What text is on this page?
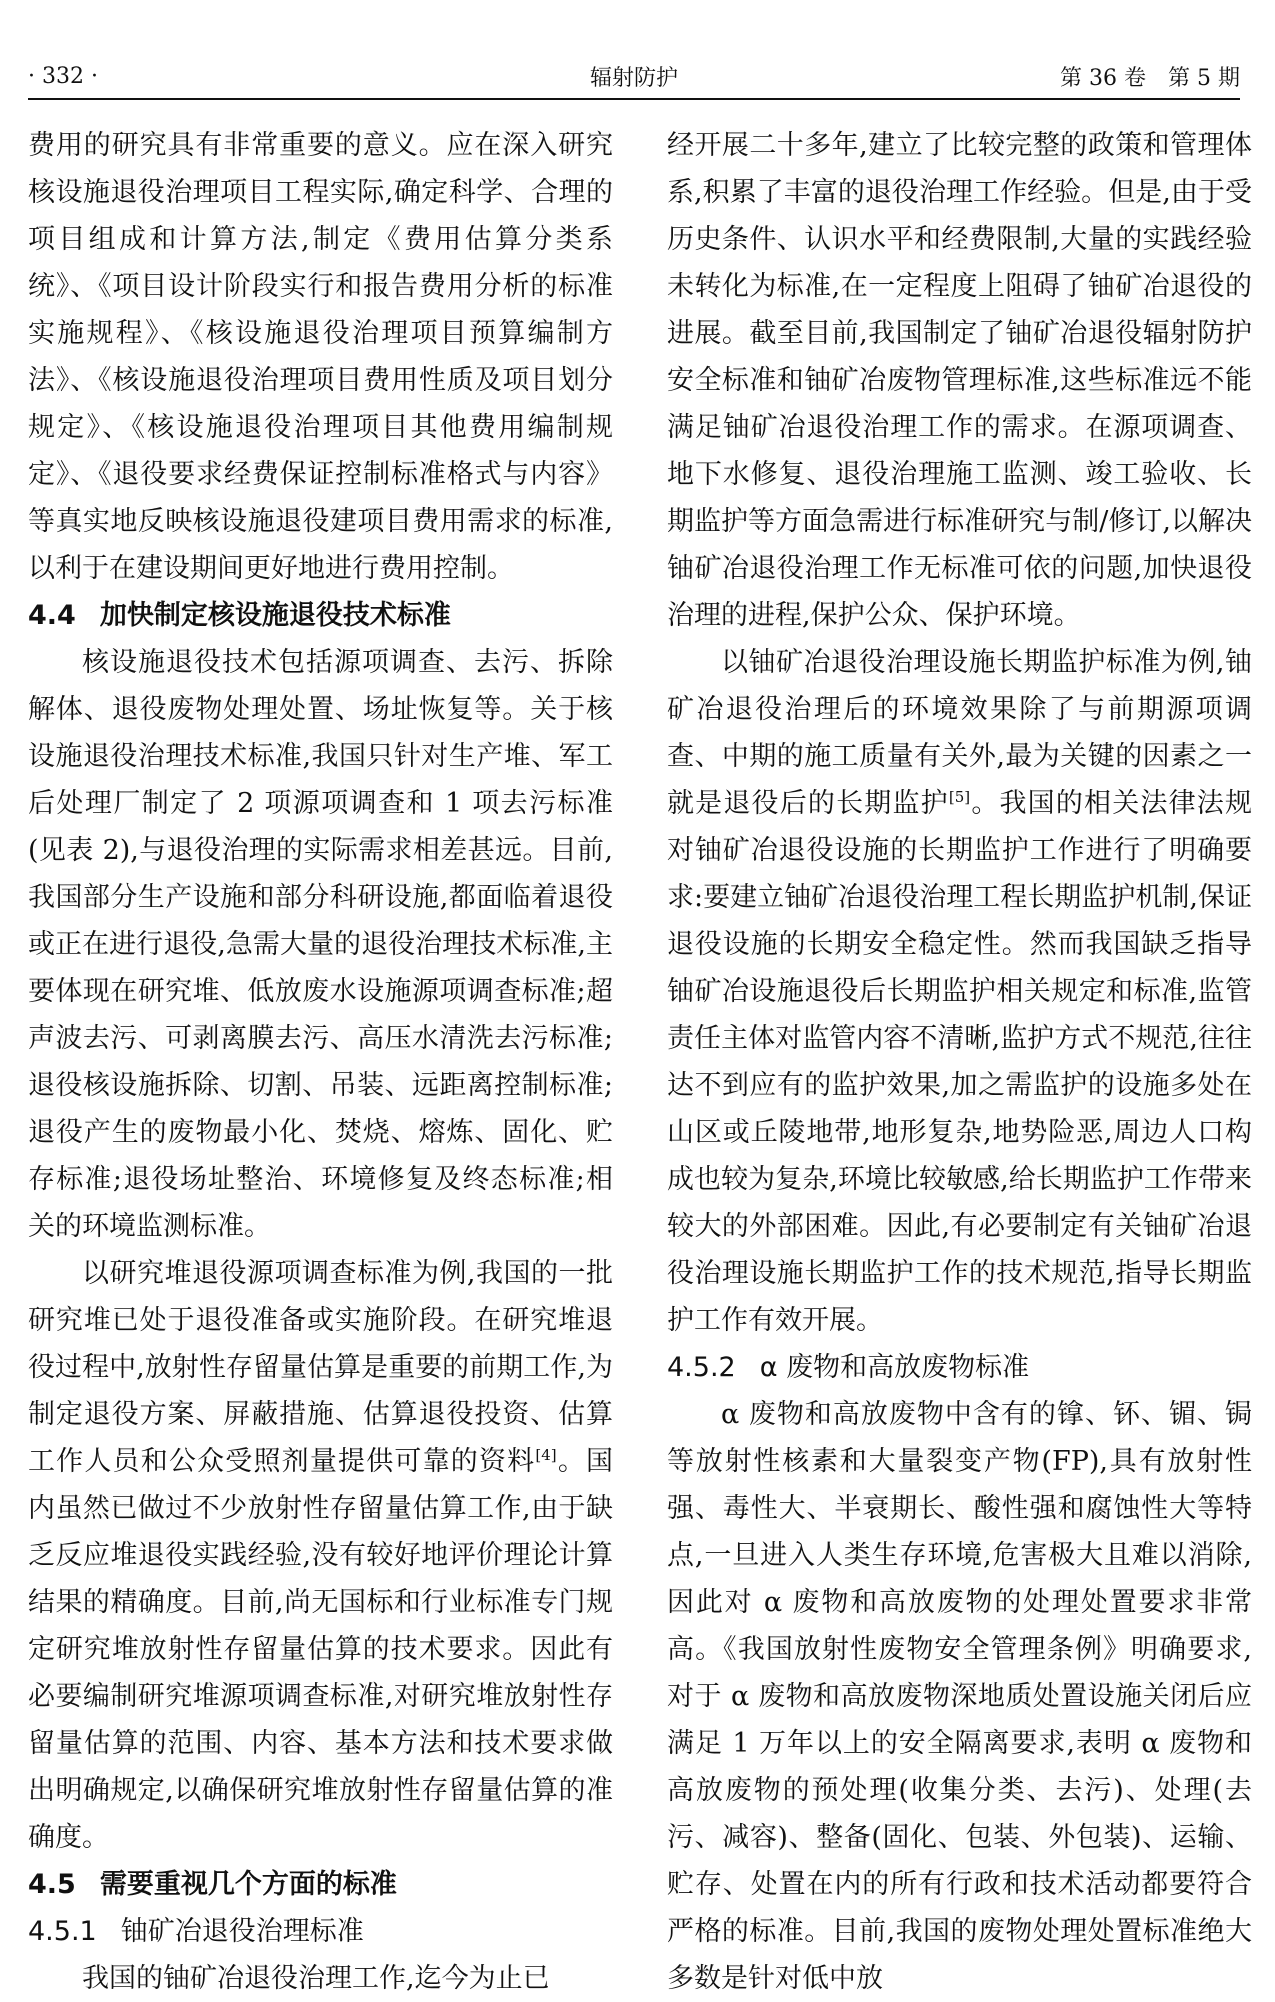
· 332 ·	辐射防护	第 36 卷　第 5 期

费用的研究具有非常重要的意义。应在深入研究核设施退役治理项目工程实际,确定科学、合理的项目组成和计算方法,制定《费用估算分类系统》、《项目设计阶段实行和报告费用分析的标准实施规程》、《核设施退役治理项目预算编制方法》、《核设施退役治理项目费用性质及项目划分规定》、《核设施退役治理项目其他费用编制规定》、《退役要求经费保证控制标准格式与内容》等真实地反映核设施退役建项目费用需求的标准,以利于在建设期间更好地进行费用控制。

4.4 加快制定核设施退役技术标准

核设施退役技术包括源项调查、去污、拆除解体、退役废物处理处置、场址恢复等。关于核设施退役治理技术标准,我国只针对生产堆、军工后处理厂制定了 2 项源项调查和 1 项去污标准(见表 2),与退役治理的实际需求相差甚远。目前,我国部分生产设施和部分科研设施,都面临着退役或正在进行退役,急需大量的退役治理技术标准,主要体现在研究堆、低放废水设施源项调查标准;超声波去污、可剥离膜去污、高压水清洗去污标准;退役核设施拆除、切割、吊装、远距离控制标准;退役产生的废物最小化、焚烧、熔炼、固化、贮存标准;退役场址整治、环境修复及终态标准;相关的环境监测标准。

以研究堆退役源项调查标准为例,我国的一批研究堆已处于退役准备或实施阶段。在研究堆退役过程中,放射性存留量估算是重要的前期工作,为制定退役方案、屏蔽措施、估算退役投资、估算工作人员和公众受照剂量提供可靠的资料[4]。国内虽然已做过不少放射性存留量估算工作,由于缺乏反应堆退役实践经验,没有较好地评价理论计算结果的精确度。目前,尚无国标和行业标准专门规定研究堆放射性存留量估算的技术要求。因此有必要编制研究堆源项调查标准,对研究堆放射性存留量估算的范围、内容、基本方法和技术要求做出明确规定,以确保研究堆放射性存留量估算的准确度。

4.5 需要重视几个方面的标准

4.5.1 铀矿冶退役治理标准

我国的铀矿冶退役治理工作,迄今为止已

经开展二十多年,建立了比较完整的政策和管理体系,积累了丰富的退役治理工作经验。但是,由于受历史条件、认识水平和经费限制,大量的实践经验未转化为标准,在一定程度上阻碍了铀矿冶退役的进展。截至目前,我国制定了铀矿冶退役辐射防护安全标准和铀矿冶废物管理标准,这些标准远不能满足铀矿冶退役治理工作的需求。在源项调查、地下水修复、退役治理施工监测、竣工验收、长期监护等方面急需进行标准研究与制/修订,以解决铀矿冶退役治理工作无标准可依的问题,加快退役治理的进程,保护公众、保护环境。

以铀矿冶退役治理设施长期监护标准为例,铀矿冶退役治理后的环境效果除了与前期源项调查、中期的施工质量有关外,最为关键的因素之一就是退役后的长期监护[5]。我国的相关法律法规对铀矿冶退役设施的长期监护工作进行了明确要求:要建立铀矿冶退役治理工程长期监护机制,保证退役设施的长期安全稳定性。然而我国缺乏指导铀矿冶设施退役后长期监护相关规定和标准,监管责任主体对监管内容不清晰,监护方式不规范,往往达不到应有的监护效果,加之需监护的设施多处在山区或丘陵地带,地形复杂,地势险恶,周边人口构成也较为复杂,环境比较敏感,给长期监护工作带来较大的外部困难。因此,有必要制定有关铀矿冶退役治理设施长期监护工作的技术规范,指导长期监护工作有效开展。

4.5.2 α 废物和高放废物标准

α 废物和高放废物中含有的镎、钚、镅、锔等放射性核素和大量裂变产物(FP),具有放射性强、毒性大、半衰期长、酸性强和腐蚀性大等特点,一旦进入人类生存环境,危害极大且难以消除,因此对 α 废物和高放废物的处理处置要求非常高。《我国放射性废物安全管理条例》明确要求,对于 α 废物和高放废物深地质处置设施关闭后应满足 1 万年以上的安全隔离要求,表明 α 废物和高放废物的预处理(收集分类、去污)、处理(去污、减容)、整备(固化、包装、外包装)、运输、贮存、处置在内的所有行政和技术活动都要符合严格的标准。目前,我国的废物处理处置标准绝大多数是针对低中放
